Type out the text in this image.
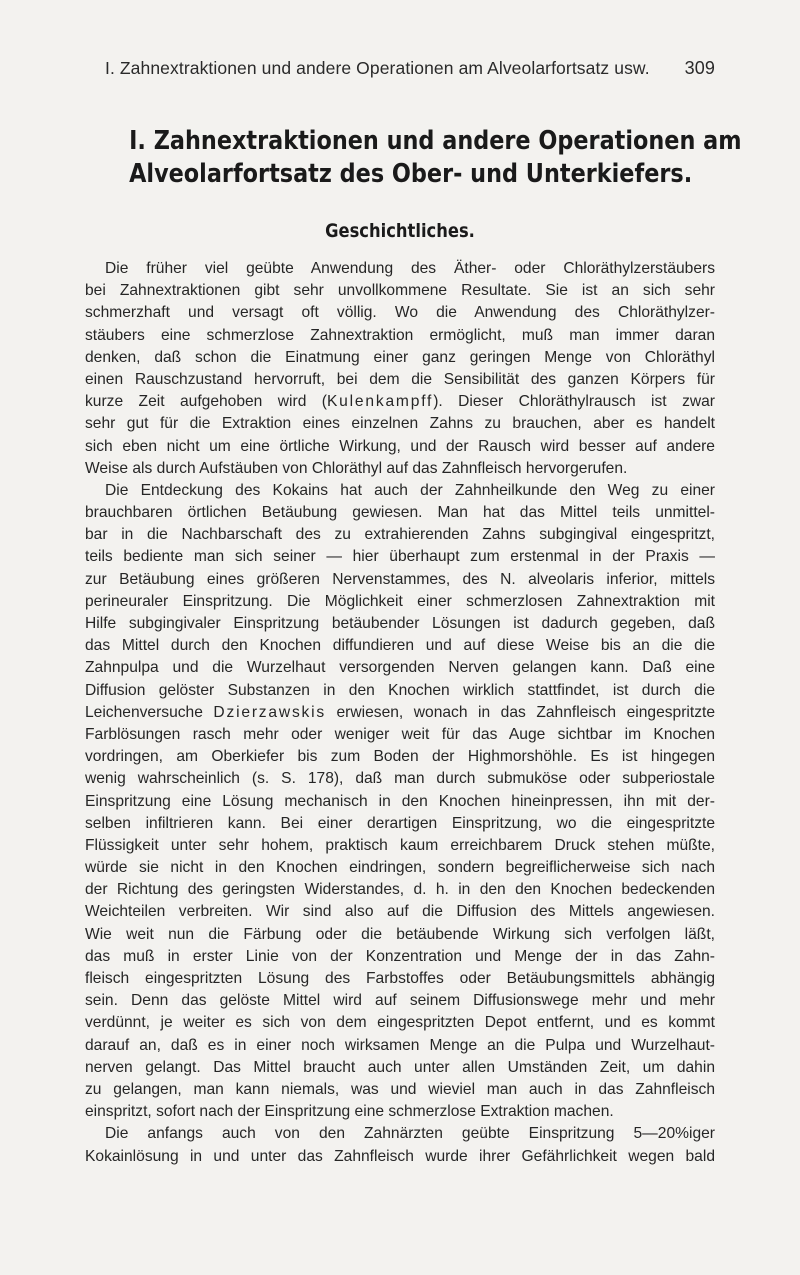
I. Zahnextraktionen und andere Operationen am Alveolarfortsatz usw. 309
I. Zahnextraktionen und andere Operationen am
Alveolarfortsatz des Ober- und Unterkiefers.
Geschichtliches.
Die früher viel geübte Anwendung des Äther- oder Chloräthylzerstäubers
bei Zahnextraktionen gibt sehr unvollkommene Resultate. Sie ist an sich sehr
schmerzhaft und versagt oft völlig. Wo die Anwendung des Chloräthylzer-
stäubers eine schmerzlose Zahnextraktion ermöglicht, muß man immer daran
denken, daß schon die Einatmung einer ganz geringen Menge von Chloräthyl
einen Rauschzustand hervorruft, bei dem die Sensibilität des ganzen Körpers für
kurze Zeit aufgehoben wird (Kulenkampff). Dieser Chloräthylrausch ist zwar
sehr gut für die Extraktion eines einzelnen Zahns zu brauchen, aber es handelt
sich eben nicht um eine örtliche Wirkung, und der Rausch wird besser auf andere
Weise als durch Aufstäuben von Chloräthyl auf das Zahnfleisch hervorgerufen.
Die Entdeckung des Kokains hat auch der Zahnheilkunde den Weg zu einer
brauchbaren örtlichen Betäubung gewiesen. Man hat das Mittel teils unmittel-
bar in die Nachbarschaft des zu extrahierenden Zahns subgingival eingespritzt,
teils bediente man sich seiner — hier überhaupt zum erstenmal in der Praxis —
zur Betäubung eines größeren Nervenstammes, des N. alveolaris inferior, mittels
perineuraler Einspritzung. Die Möglichkeit einer schmerzlosen Zahnextraktion mit
Hilfe subgingivaler Einspritzung betäubender Lösungen ist dadurch gegeben, daß
das Mittel durch den Knochen diffundieren und auf diese Weise bis an die die
Zahnpulpa und die Wurzelhaut versorgenden Nerven gelangen kann. Daß eine
Diffusion gelöster Substanzen in den Knochen wirklich stattfindet, ist durch die
Leichenversuche Dzierzawskis erwiesen, wonach in das Zahnfleisch eingespritzte
Farblösungen rasch mehr oder weniger weit für das Auge sichtbar im Knochen
vordringen, am Oberkiefer bis zum Boden der Highmorshöhle. Es ist hingegen
wenig wahrscheinlich (s. S. 178), daß man durch submuköse oder subperiostale
Einspritzung eine Lösung mechanisch in den Knochen hineinpressen, ihn mit der-
selben infiltrieren kann. Bei einer derartigen Einspritzung, wo die eingespritzte
Flüssigkeit unter sehr hohem, praktisch kaum erreichbarem Druck stehen müßte,
würde sie nicht in den Knochen eindringen, sondern begreiflicherweise sich nach
der Richtung des geringsten Widerstandes, d. h. in den den Knochen bedeckenden
Weichteilen verbreiten. Wir sind also auf die Diffusion des Mittels angewiesen.
Wie weit nun die Färbung oder die betäubende Wirkung sich verfolgen läßt,
das muß in erster Linie von der Konzentration und Menge der in das Zahn-
fleisch eingespritzten Lösung des Farbstoffes oder Betäubungsmittels abhängig
sein. Denn das gelöste Mittel wird auf seinem Diffusionswege mehr und mehr
verdünnt, je weiter es sich von dem eingespritzten Depot entfernt, und es kommt
darauf an, daß es in einer noch wirksamen Menge an die Pulpa und Wurzelhaut-
nerven gelangt. Das Mittel braucht auch unter allen Umständen Zeit, um dahin
zu gelangen, man kann niemals, was und wieviel man auch in das Zahnfleisch
einspritzt, sofort nach der Einspritzung eine schmerzlose Extraktion machen.
Die anfangs auch von den Zahnärzten geübte Einspritzung 5—20%iger
Kokainlösung in und unter das Zahnfleisch wurde ihrer Gefährlichkeit wegen bald
